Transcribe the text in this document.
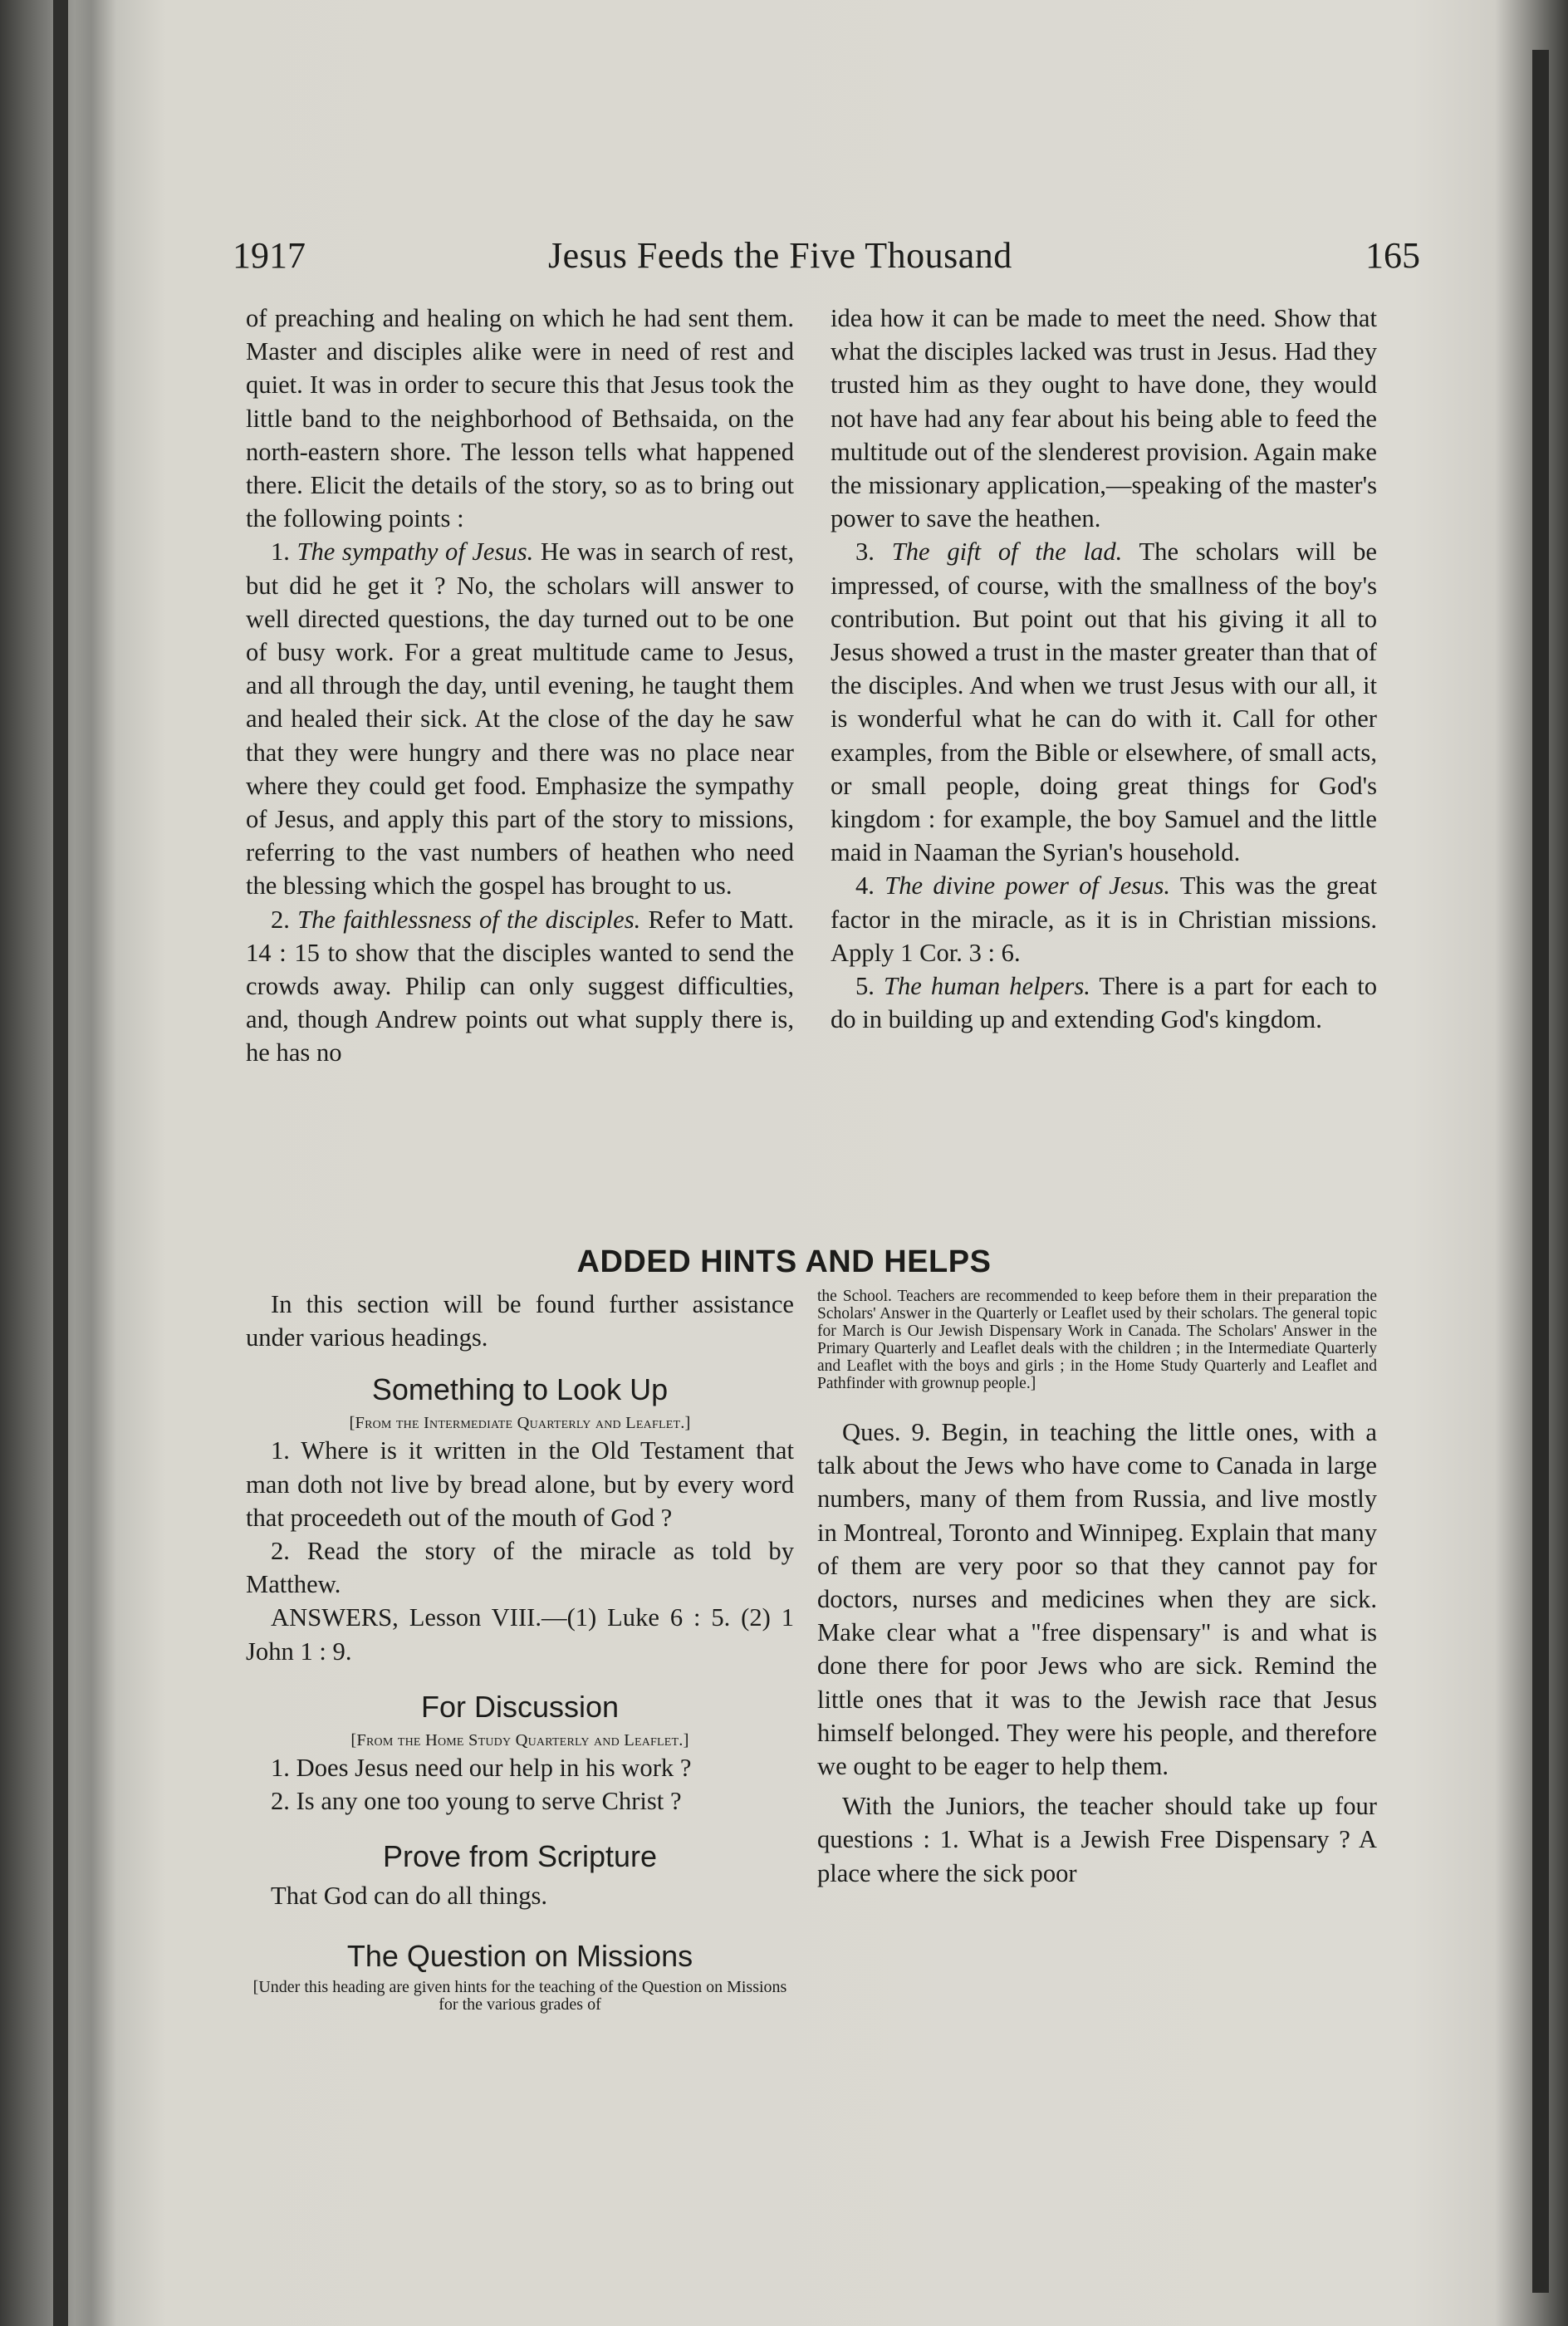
1917	Jesus Feeds the Five Thousand	165

of preaching and healing on which he had sent them. Master and disciples alike were in need of rest and quiet. It was in order to secure this that Jesus took the little band to the neighborhood of Bethsaida, on the north-eastern shore. The lesson tells what happened there. Elicit the details of the story, so as to bring out the following points :

1. The sympathy of Jesus. He was in search of rest, but did he get it ? No, the scholars will answer to well directed questions, the day turned out to be one of busy work. For a great multitude came to Jesus, and all through the day, until evening, he taught them and healed their sick. At the close of the day he saw that they were hungry and there was no place near where they could get food. Emphasize the sympathy of Jesus, and apply this part of the story to missions, referring to the vast numbers of heathen who need the blessing which the gospel has brought to us.

2. The faithlessness of the disciples. Refer to Matt. 14 : 15 to show that the disciples wanted to send the crowds away. Philip can only suggest difficulties, and, though Andrew points out what supply there is, he has no

idea how it can be made to meet the need. Show that what the disciples lacked was trust in Jesus. Had they trusted him as they ought to have done, they would not have had any fear about his being able to feed the multitude out of the slenderest provision. Again make the missionary application,—speaking of the master's power to save the heathen.

3. The gift of the lad. The scholars will be impressed, of course, with the smallness of the boy's contribution. But point out that his giving it all to Jesus showed a trust in the master greater than that of the disciples. And when we trust Jesus with our all, it is wonderful what he can do with it. Call for other examples, from the Bible or elsewhere, of small acts, or small people, doing great things for God's kingdom : for example, the boy Samuel and the little maid in Naaman the Syrian's household.

4. The divine power of Jesus. This was the great factor in the miracle, as it is in Christian missions. Apply 1 Cor. 3 : 6.

5. The human helpers. There is a part for each to do in building up and extending God's kingdom.

ADDED HINTS AND HELPS

In this section will be found further assistance under various headings.

Something to Look Up

[From the Intermediate Quarterly and Leaflet.]

1. Where is it written in the Old Testament that man doth not live by bread alone, but by every word that proceedeth out of the mouth of God ?

2. Read the story of the miracle as told by Matthew.

ANSWERS, Lesson VIII.—(1) Luke 6 : 5. (2) 1 John 1 : 9.

For Discussion

[From the Home Study Quarterly and Leaflet.]

1. Does Jesus need our help in his work ?

2. Is any one too young to serve Christ ?

Prove from Scripture

That God can do all things.

The Question on Missions

[Under this heading are given hints for the teaching of the Question on Missions for the various grades of

the School. Teachers are recommended to keep before them in their preparation the Scholars' Answer in the Quarterly or Leaflet used by their scholars. The general topic for March is Our Jewish Dispensary Work in Canada. The Scholars' Answer in the Primary Quarterly and Leaflet deals with the children ; in the Intermediate Quarterly and Leaflet with the boys and girls ; in the Home Study Quarterly and Leaflet and Pathfinder with grownup people.]

Ques. 9. Begin, in teaching the little ones, with a talk about the Jews who have come to Canada in large numbers, many of them from Russia, and live mostly in Montreal, Toronto and Winnipeg. Explain that many of them are very poor so that they cannot pay for doctors, nurses and medicines when they are sick. Make clear what a "free dispensary" is and what is done there for poor Jews who are sick. Remind the little ones that it was to the Jewish race that Jesus himself belonged. They were his people, and therefore we ought to be eager to help them.

With the Juniors, the teacher should take up four questions : 1. What is a Jewish Free Dispensary ? A place where the sick poor
